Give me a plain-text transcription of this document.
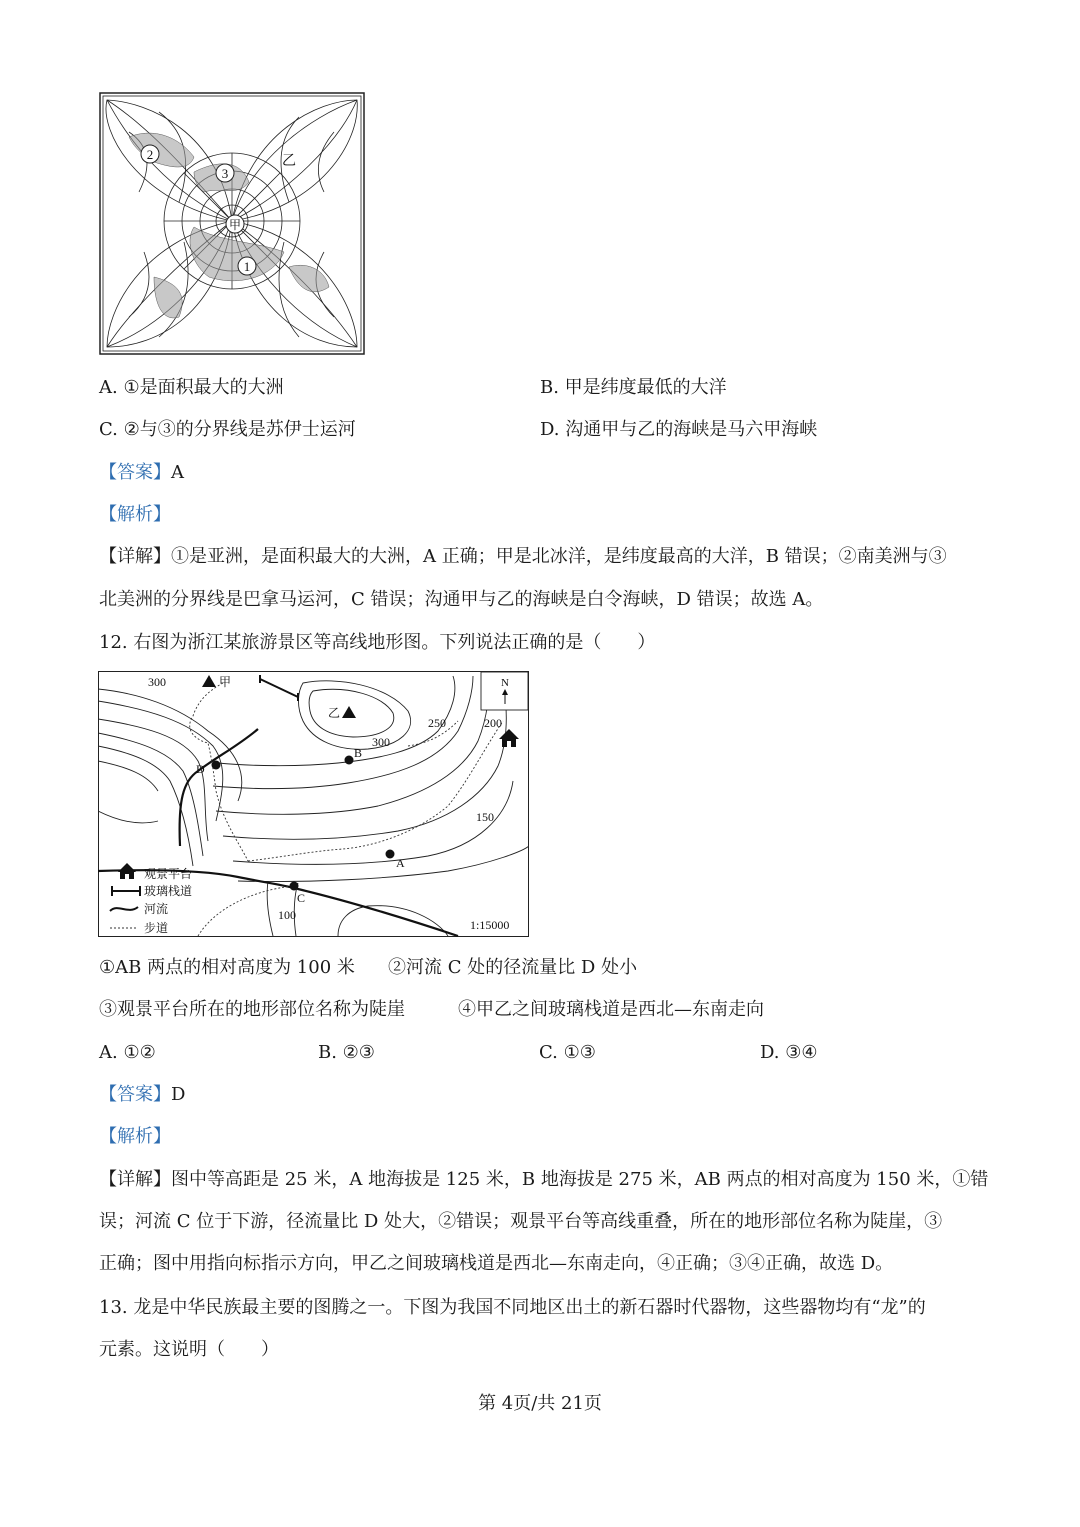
2
3
1
甲
乙
A. ①是面积最大的大洲	B. 甲是纬度最低的大洋
C. ②与③的分界线是苏伊士运河	D. 沟通甲与乙的海峡是马六甲海峡
【答案】A
【解析】
【详解】①是亚洲，是面积最大的大洲，A 正确；甲是北冰洋，是纬度最高的大洋，B 错误；②南美洲与③
北美洲的分界线是巴拿马运河，C 错误；沟通甲与乙的海峡是白令海峡，D 错误；故选 A。
12. 右图为浙江某旅游景区等高线地形图。下列说法正确的是（　　）
D
B
A
C
甲
乙
300
300
250	200
150
100
N
观景平台
玻璃栈道
河流
步道	1:15000
①AB 两点的相对高度为 100 米 ②河流 C 处的径流量比 D 处小
③观景平台所在的地形部位名称为陡崖	④甲乙之间玻璃栈道是西北—东南走向
A. ①②	B. ②③	C. ①③	D. ③④
【答案】D
【解析】
【详解】图中等高距是 25 米，A 地海拔是 125 米，B 地海拔是 275 米，AB 两点的相对高度为 150 米，①错
误；河流 C 位于下游，径流量比 D 处大，②错误；观景平台等高线重叠，所在的地形部位名称为陡崖，③
正确；图中用指向标指示方向，甲乙之间玻璃栈道是西北—东南走向，④正确；③④正确，故选 D。
13. 龙是中华民族最主要的图腾之一。下图为我国不同地区出土的新石器时代器物，这些器物均有“龙”的
元素。这说明（　　）
第 4页/共 21页
